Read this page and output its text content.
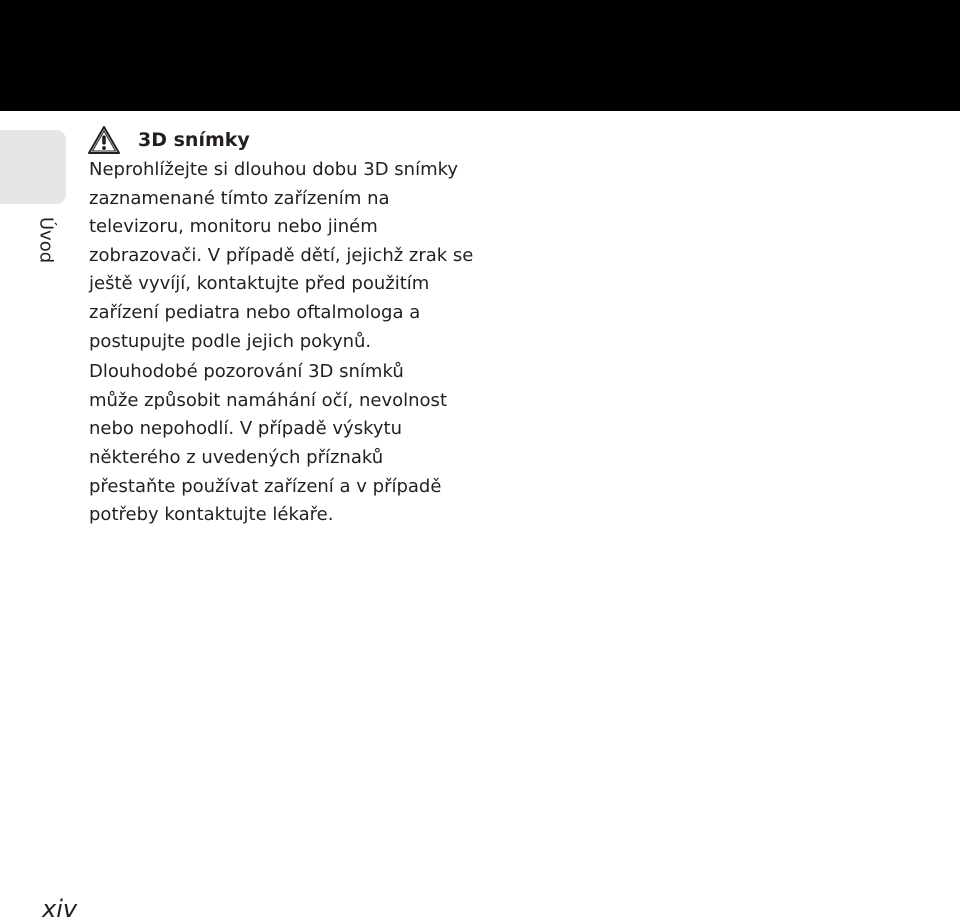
Úvod
3D snímky

Neprohlížejte si dlouhou dobu 3D snímky
zaznamenané tímto zařízením na
televizoru, monitoru nebo jiném
zobrazovači. V případě dětí, jejichž zrak se
ještě vyvíjí, kontaktujte před použitím
zařízení pediatra nebo oftalmologa a
postupujte podle jejich pokynů.

Dlouhodobé pozorování 3D snímků
může způsobit namáhání očí, nevolnost
nebo nepohodlí. V případě výskytu
některého z uvedených příznaků
přestaňte používat zařízení a v případě
potřeby kontaktujte lékaře.

xiv
